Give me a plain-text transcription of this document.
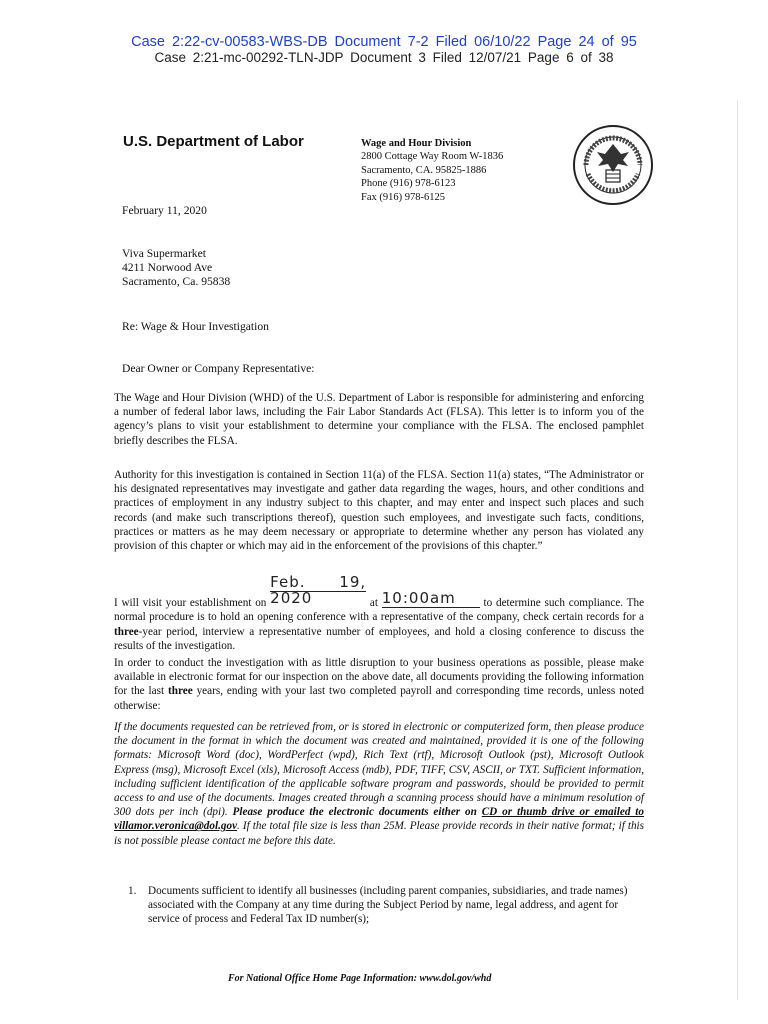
Case 2:22-cv-00583-WBS-DB Document 7-2 Filed 06/10/22 Page 24 of 95
Case 2:21-mc-00292-TLN-JDP Document 3 Filed 12/07/21 Page 6 of 38
U.S. Department of Labor	Wage and Hour Division
2800 Cottage Way Room W-1836
Sacramento, CA. 95825-1886
Phone (916) 978-6123
Fax (916) 978-6125
February 11, 2020
Viva Supermarket
4211 Norwood Ave
Sacramento, Ca. 95838
Re: Wage & Hour Investigation
Dear Owner or Company Representative:
The Wage and Hour Division (WHD) of the U.S. Department of Labor is responsible for administering and enforcing a number of federal labor laws, including the Fair Labor Standards Act (FLSA). This letter is to inform you of the agency’s plans to visit your establishment to determine your compliance with the FLSA. The enclosed pamphlet briefly describes the FLSA.
Authority for this investigation is contained in Section 11(a) of the FLSA. Section 11(a) states, “The Administrator or his designated representatives may investigate and gather data regarding the wages, hours, and other conditions and practices of employment in any industry subject to this chapter, and may enter and inspect such places and such records (and make such transcriptions thereof), question such employees, and investigate such facts, conditions, practices or matters as he may deem necessary or appropriate to determine whether any person has violated any provision of this chapter or which may aid in the enforcement of the provisions of this chapter.”
I will visit your establishment on Feb. 19, 2020	at 10:00am to determine such compliance. The normal procedure is to hold an opening conference with a representative of the company, check certain records for a three-year period, interview a representative number of employees, and hold a closing conference to discuss the results of the investigation.
In order to conduct the investigation with as little disruption to your business operations as possible, please make available in electronic format for our inspection on the above date, all documents providing the following information for the last three years, ending with your last two completed payroll and corresponding time records, unless noted otherwise:
If the documents requested can be retrieved from, or is stored in electronic or computerized form, then please produce the document in the format in which the document was created and maintained, provided it is one of the following formats: Microsoft Word (doc), WordPerfect (wpd), Rich Text (rtf), Microsoft Outlook (pst), Microsoft Outlook Express (msg), Microsoft Excel (xls), Microsoft Access (mdb), PDF, TIFF, CSV, ASCII, or TXT. Sufficient information, including sufficient identification of the applicable software program and passwords, should be provided to permit access to and use of the documents. Images created through a scanning process should have a minimum resolution of 300 dots per inch (dpi). Please produce the electronic documents either on CD or thumb drive or emailed to villamor.veronica@dol.gov. If the total file size is less than 25M. Please provide records in their native format; if this is not possible please contact me before this date.
1. Documents sufficient to identify all businesses (including parent companies, subsidiaries, and trade names) associated with the Company at any time during the Subject Period by name, legal address, and agent for service of process and Federal Tax ID number(s);
For National Office Home Page Information: www.dol.gov/whd
